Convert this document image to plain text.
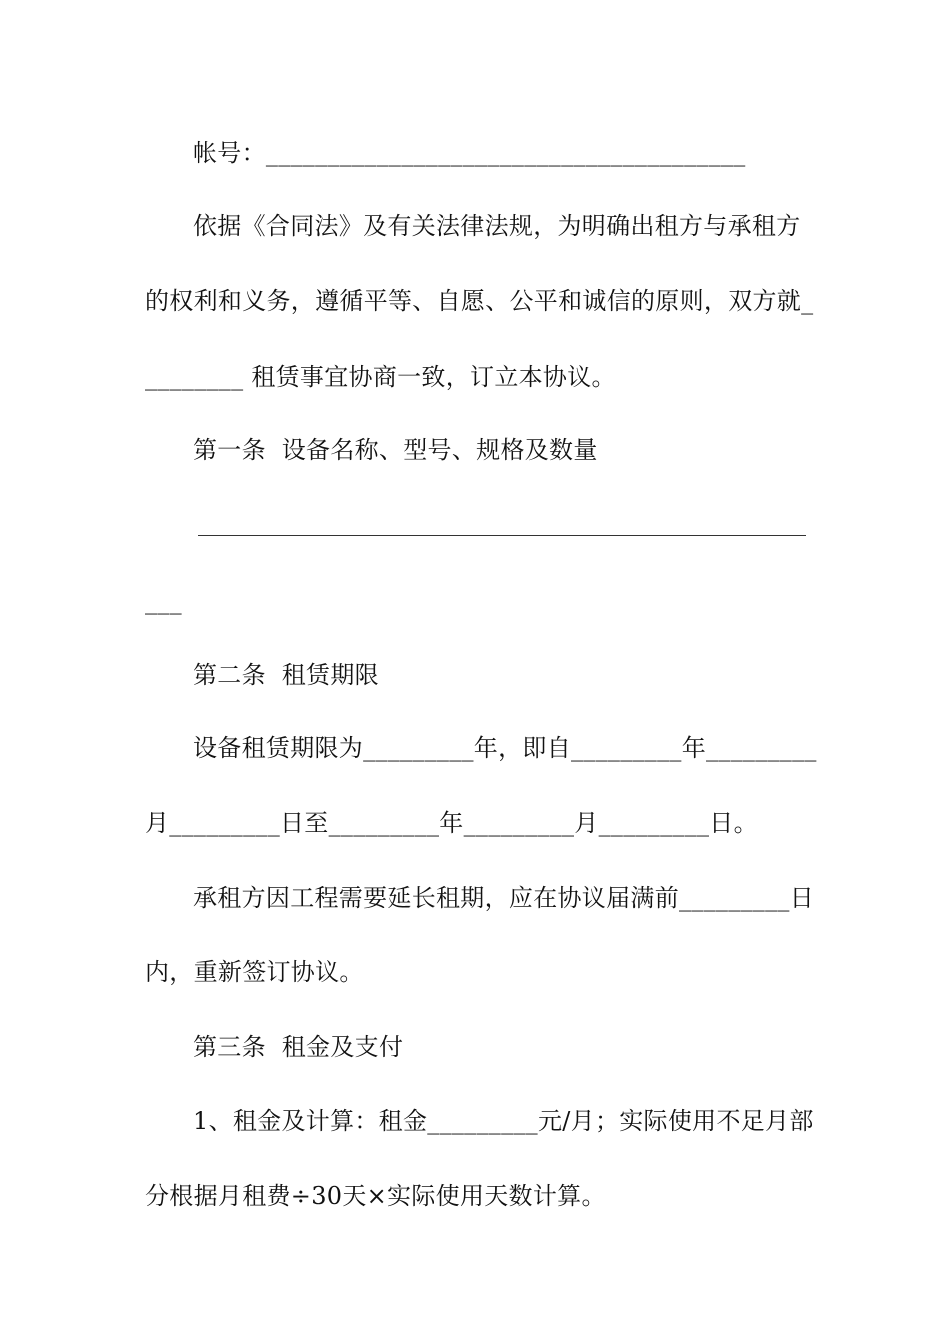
帐号：_______________________________________
依据《合同法》及有关法律法规，为明确出租方与承租方
的权利和义务，遵循平等、自愿、公平和诚信的原则，双方就_
________ 租赁事宜协商一致，订立本协议。
第一条  设备名称、型号、规格及数量
___
第二条  租赁期限
设备租赁期限为_________年，即自_________年_________
月_________日至_________年_________月_________日。
承租方因工程需要延长租期，应在协议届满前_________日
内，重新签订协议。
第三条  租金及支付
1、租金及计算：租金_________元/月；实际使用不足月部
分根据月租费÷30天×实际使用天数计算。
